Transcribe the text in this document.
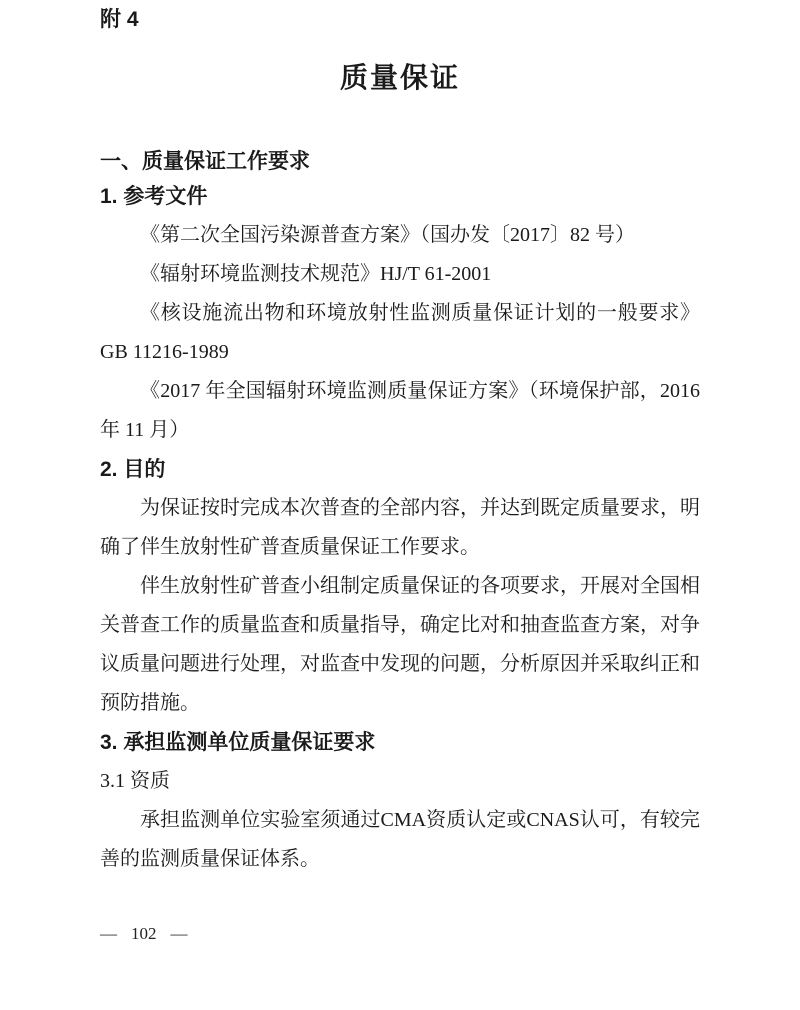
附 4

质量保证
一、质量保证工作要求
1. 参考文件

《第二次全国污染源普查方案》（国办发〔2017〕82 号）

《辐射环境监测技术规范》HJ/T 61-2001

《核设施流出物和环境放射性监测质量保证计划的一般要求》GB 11216-1989

《2017 年全国辐射环境监测质量保证方案》（环境保护部，2016 年 11 月）

2. 目的

为保证按时完成本次普查的全部内容，并达到既定质量要求，明确了伴生放射性矿普查质量保证工作要求。

伴生放射性矿普查小组制定质量保证的各项要求，开展对全国相关普查工作的质量监查和质量指导，确定比对和抽查监查方案，对争议质量问题进行处理，对监查中发现的问题，分析原因并采取纠正和预防措施。

3. 承担监测单位质量保证要求

3.1 资质

承担监测单位实验室须通过CMA资质认定或CNAS认可，有较完善的监测质量保证体系。

— 102 —
